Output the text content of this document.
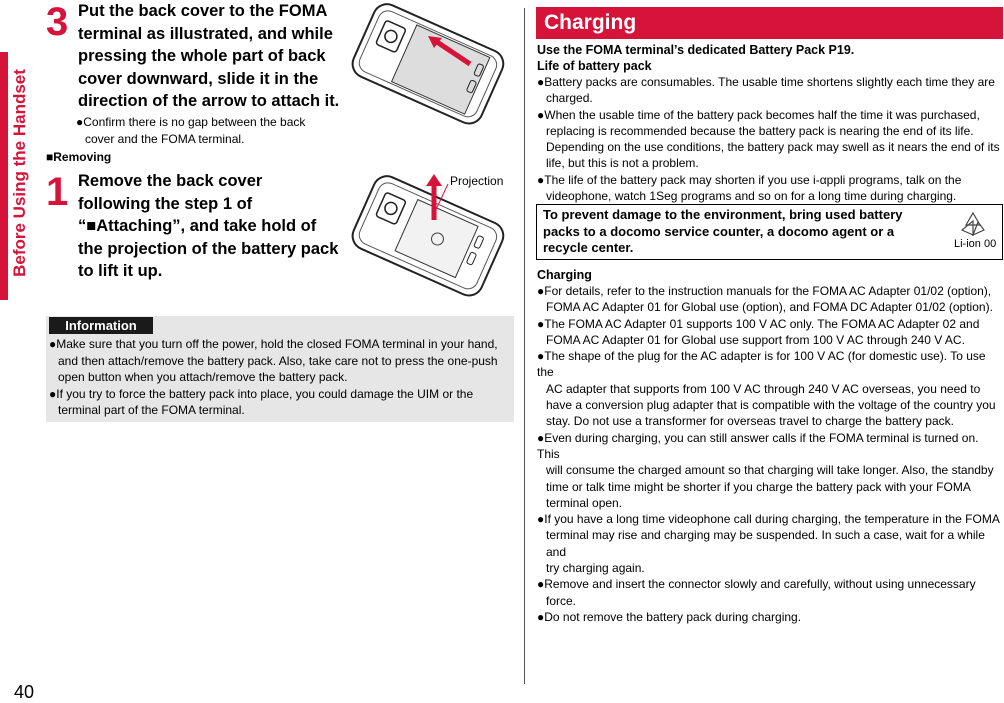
Before Using the Handset
40
3 Put the back cover to the FOMA
terminal as illustrated, and while
pressing the whole part of back
cover downward, slide it in the
direction of the arrow to attach it.
●Confirm there is no gap between the back
cover and the FOMA terminal.
■Removing
1 Remove the back cover
following the step 1 of
“■Attaching”, and take hold of
the projection of the battery pack
to lift it up.
Projection
Information
●Make sure that you turn off the power, hold the closed FOMA terminal in your hand,
and then attach/remove the battery pack. Also, take care not to press the one-push
open button when you attach/remove the battery pack.
●If you try to force the battery pack into place, you could damage the UIM or the
terminal part of the FOMA terminal.
Charging
Use the FOMA terminal’s dedicated Battery Pack P19.
Life of battery pack
●Battery packs are consumables. The usable time shortens slightly each time they are
charged.
●When the usable time of the battery pack becomes half the time it was purchased,
replacing is recommended because the battery pack is nearing the end of its life.
Depending on the use conditions, the battery pack may swell as it nears the end of its
life, but this is not a problem.
●The life of the battery pack may shorten if you use i-αppli programs, talk on the
videophone, watch 1Seg programs and so on for a long time during charging.
To prevent damage to the environment, bring used battery
packs to a docomo service counter, a docomo agent or a
recycle center.	Li-ion 00
Charging
●For details, refer to the instruction manuals for the FOMA AC Adapter 01/02 (option),
FOMA AC Adapter 01 for Global use (option), and FOMA DC Adapter 01/02 (option).
●The FOMA AC Adapter 01 supports 100 V AC only. The FOMA AC Adapter 02 and
FOMA AC Adapter 01 for Global use support from 100 V AC through 240 V AC.
●The shape of the plug for the AC adapter is for 100 V AC (for domestic use). To use the
AC adapter that supports from 100 V AC through 240 V AC overseas, you need to
have a conversion plug adapter that is compatible with the voltage of the country you
stay. Do not use a transformer for overseas travel to charge the battery pack.
●Even during charging, you can still answer calls if the FOMA terminal is turned on. This
will consume the charged amount so that charging will take longer. Also, the standby
time or talk time might be shorter if you charge the battery pack with your FOMA
terminal open.
●If you have a long time videophone call during charging, the temperature in the FOMA
terminal may rise and charging may be suspended. In such a case, wait for a while and
try charging again.
●Remove and insert the connector slowly and carefully, without using unnecessary
force.
●Do not remove the battery pack during charging.
